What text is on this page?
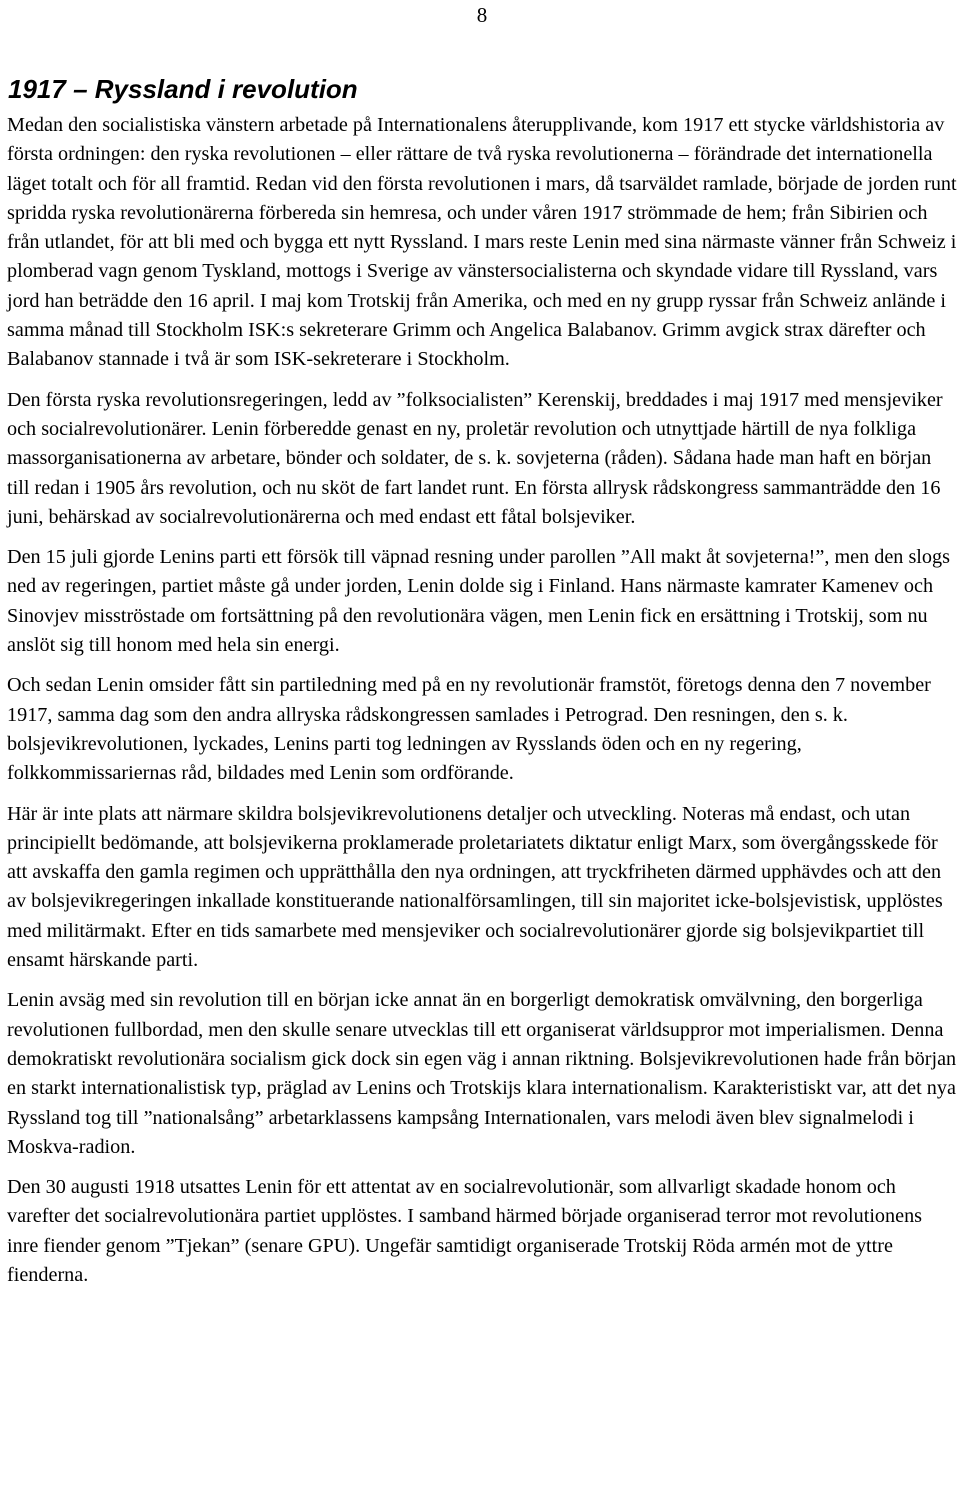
8
1917 – Ryssland i revolution

Medan den socialistiska vänstern arbetade på Internationalens återupplivande, kom 1917 ett stycke världshistoria av första ordningen: den ryska revolutionen – eller rättare de två ryska revolutionerna – förändrade det internationella läget totalt och för all framtid. Redan vid den första revolutionen i mars, då tsarväldet ramlade, började de jorden runt spridda ryska revolutionärerna förbereda sin hemresa, och under våren 1917 strömmade de hem; från Sibirien och från utlandet, för att bli med och bygga ett nytt Ryssland. I mars reste Lenin med sina närmaste vänner från Schweiz i plomberad vagn genom Tyskland, mottogs i Sverige av vänstersocialisterna och skyndade vidare till Ryssland, vars jord han beträdde den 16 april. I maj kom Trotskij från Amerika, och med en ny grupp ryssar från Schweiz anlände i samma månad till Stockholm ISK:s sekreterare Grimm och Angelica Balabanov. Grimm avgick strax därefter och Balabanov stannade i två är som ISK-sekreterare i Stockholm.

Den första ryska revolutionsregeringen, ledd av ”folksocialisten” Kerenskij, breddades i maj 1917 med mensjeviker och socialrevolutionärer. Lenin förberedde genast en ny, proletär revolution och utnyttjade härtill de nya folkliga massorganisationerna av arbetare, bönder och soldater, de s. k. sovjeterna (råden). Sådana hade man haft en början till redan i 1905 års revolution, och nu sköt de fart landet runt. En första allrysk rådskongress sammanträdde den 16 juni, behärskad av socialrevolutionärerna och med endast ett fåtal bolsjeviker.

Den 15 juli gjorde Lenins parti ett försök till väpnad resning under parollen ”All makt åt sovjeterna!”, men den slogs ned av regeringen, partiet måste gå under jorden, Lenin dolde sig i Finland. Hans närmaste kamrater Kamenev och Sinovjev misströstade om fortsättning på den revolutionära vägen, men Lenin fick en ersättning i Trotskij, som nu anslöt sig till honom med hela sin energi.

Och sedan Lenin omsider fått sin partiledning med på en ny revolutionär framstöt, företogs denna den 7 november 1917, samma dag som den andra allryska rådskongressen samlades i Petrograd. Den resningen, den s. k. bolsjevikrevolutionen, lyckades, Lenins parti tog ledningen av Rysslands öden och en ny regering, folkkommissariernas råd, bildades med Lenin som ordförande.

Här är inte plats att närmare skildra bolsjevikrevolutionens detaljer och utveckling. Noteras må endast, och utan principiellt bedömande, att bolsjevikerna proklamerade proletariatets diktatur enligt Marx, som övergångsskede för att avskaffa den gamla regimen och upprätthålla den nya ordningen, att tryckfriheten därmed upphävdes och att den av bolsjevikregeringen inkallade konstituerande nationalförsamlingen, till sin majoritet icke-bolsjevistisk, upplöstes med militärmakt. Efter en tids samarbete med mensjeviker och socialrevolutionärer gjorde sig bolsjevikpartiet till ensamt härskande parti.

Lenin avsäg med sin revolution till en början icke annat än en borgerligt demokratisk omvälvning, den borgerliga revolutionen fullbordad, men den skulle senare utvecklas till ett organiserat världsuppror mot imperialismen. Denna demokratiskt revolutionära socialism gick dock sin egen väg i annan riktning. Bolsjevikrevolutionen hade från början en starkt internationalistisk typ, präglad av Lenins och Trotskijs klara internationalism. Karakteristiskt var, att det nya Ryssland tog till ”nationalsång” arbetarklassens kampsång Internationalen, vars melodi även blev signalmelodi i Moskva-radion.

Den 30 augusti 1918 utsattes Lenin för ett attentat av en socialrevolutionär, som allvarligt skadade honom och varefter det socialrevolutionära partiet upplöstes. I samband härmed började organiserad terror mot revolutionens inre fiender genom ”Tjekan” (senare GPU). Ungefär samtidigt organiserade Trotskij Röda armén mot de yttre fienderna.
